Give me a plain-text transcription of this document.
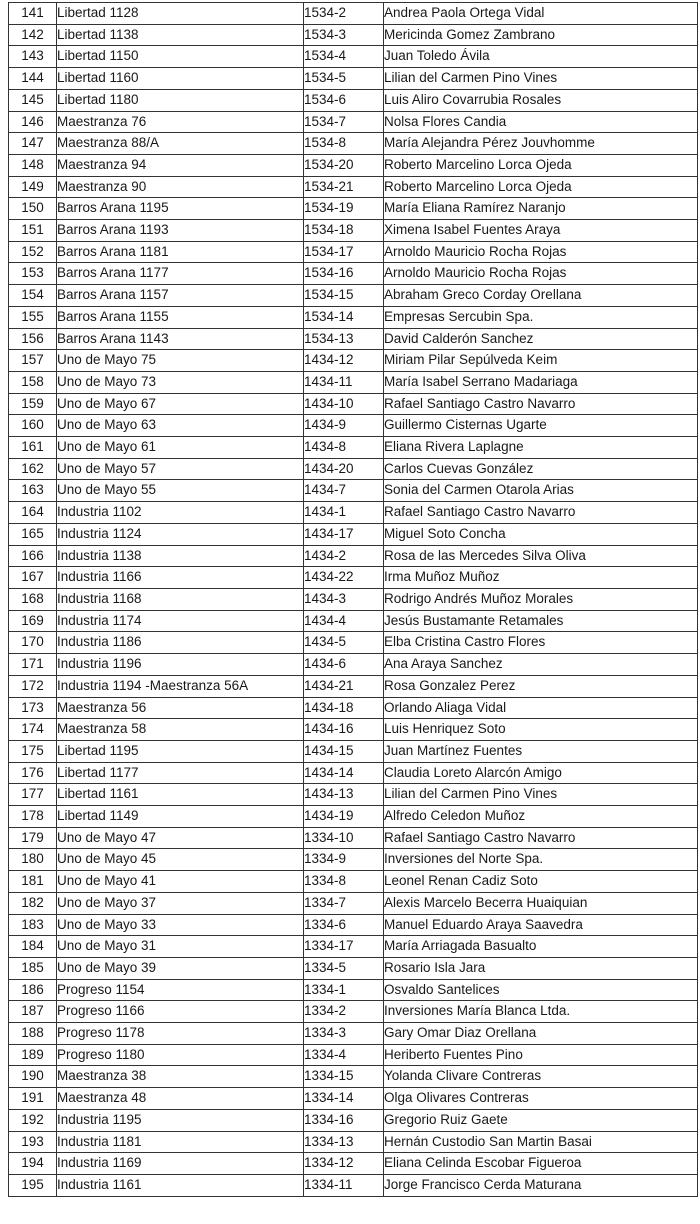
141	Libertad 1128	1534-2	Andrea Paola Ortega Vidal
142	Libertad 1138	1534-3	Mericinda Gomez Zambrano
143	Libertad 1150	1534-4	Juan Toledo Ávila
144	Libertad 1160	1534-5	Lilian del Carmen Pino Vines
145	Libertad 1180	1534-6	Luis Aliro Covarrubia Rosales
146	Maestranza 76	1534-7	Nolsa Flores Candia
147	Maestranza 88/A	1534-8	María Alejandra Pérez Jouvhomme
148	Maestranza 94	1534-20	Roberto Marcelino Lorca Ojeda
149	Maestranza 90	1534-21	Roberto Marcelino Lorca Ojeda
150	Barros Arana 1195	1534-19	María Eliana Ramírez Naranjo
151	Barros Arana 1193	1534-18	Ximena Isabel Fuentes Araya
152	Barros Arana 1181	1534-17	Arnoldo Mauricio Rocha Rojas
153	Barros Arana 1177	1534-16	Arnoldo Mauricio Rocha Rojas
154	Barros Arana 1157	1534-15	Abraham Greco Corday Orellana
155	Barros Arana 1155	1534-14	Empresas Sercubin Spa.
156	Barros Arana 1143	1534-13	David Calderón Sanchez
157	Uno de Mayo 75	1434-12	Miriam Pilar Sepúlveda Keim
158	Uno de Mayo 73	1434-11	María Isabel Serrano Madariaga
159	Uno de Mayo 67	1434-10	Rafael Santiago Castro Navarro
160	Uno de Mayo 63	1434-9	Guillermo Cisternas Ugarte
161	Uno de Mayo 61	1434-8	Eliana Rivera Laplagne
162	Uno de Mayo 57	1434-20	Carlos Cuevas González
163	Uno de Mayo 55	1434-7	Sonia del Carmen Otarola Arias
164	Industria 1102	1434-1	Rafael Santiago Castro Navarro
165	Industria 1124	1434-17	Miguel Soto Concha
166	Industria 1138	1434-2	Rosa de las Mercedes Silva Oliva
167	Industria 1166	1434-22	Irma Muñoz Muñoz
168	Industria 1168	1434-3	Rodrigo Andrés Muñoz Morales
169	Industria 1174	1434-4	Jesús Bustamante Retamales
170	Industria 1186	1434-5	Elba Cristina Castro Flores
171	Industria 1196	1434-6	Ana Araya Sanchez
172	Industria 1194 -Maestranza 56A	1434-21	Rosa Gonzalez Perez
173	Maestranza 56	1434-18	Orlando Aliaga Vidal
174	Maestranza 58	1434-16	Luis Henriquez Soto
175	Libertad 1195	1434-15	Juan Martínez Fuentes
176	Libertad 1177	1434-14	Claudia Loreto Alarcón Amigo
177	Libertad 1161	1434-13	Lilian del Carmen Pino Vines
178	Libertad 1149	1434-19	Alfredo Celedon Muñoz
179	Uno de Mayo 47	1334-10	Rafael Santiago Castro Navarro
180	Uno de Mayo 45	1334-9	Inversiones del Norte Spa.
181	Uno de Mayo 41	1334-8	Leonel Renan Cadiz Soto
182	Uno de Mayo 37	1334-7	Alexis Marcelo Becerra Huaiquian
183	Uno de Mayo 33	1334-6	Manuel Eduardo Araya Saavedra
184	Uno de Mayo 31	1334-17	María Arriagada Basualto
185	Uno de Mayo 39	1334-5	Rosario Isla Jara
186	Progreso 1154	1334-1	Osvaldo Santelices
187	Progreso 1166	1334-2	Inversiones María Blanca Ltda.
188	Progreso 1178	1334-3	Gary Omar Diaz Orellana
189	Progreso 1180	1334-4	Heriberto Fuentes Pino
190	Maestranza 38	1334-15	Yolanda Clivare Contreras
191	Maestranza 48	1334-14	Olga Olivares Contreras
192	Industria 1195	1334-16	Gregorio Ruiz Gaete
193	Industria 1181	1334-13	Hernán Custodio San Martin Basai
194	Industria 1169	1334-12	Eliana Celinda Escobar Figueroa
195	Industria 1161	1334-11	Jorge Francisco Cerda Maturana
